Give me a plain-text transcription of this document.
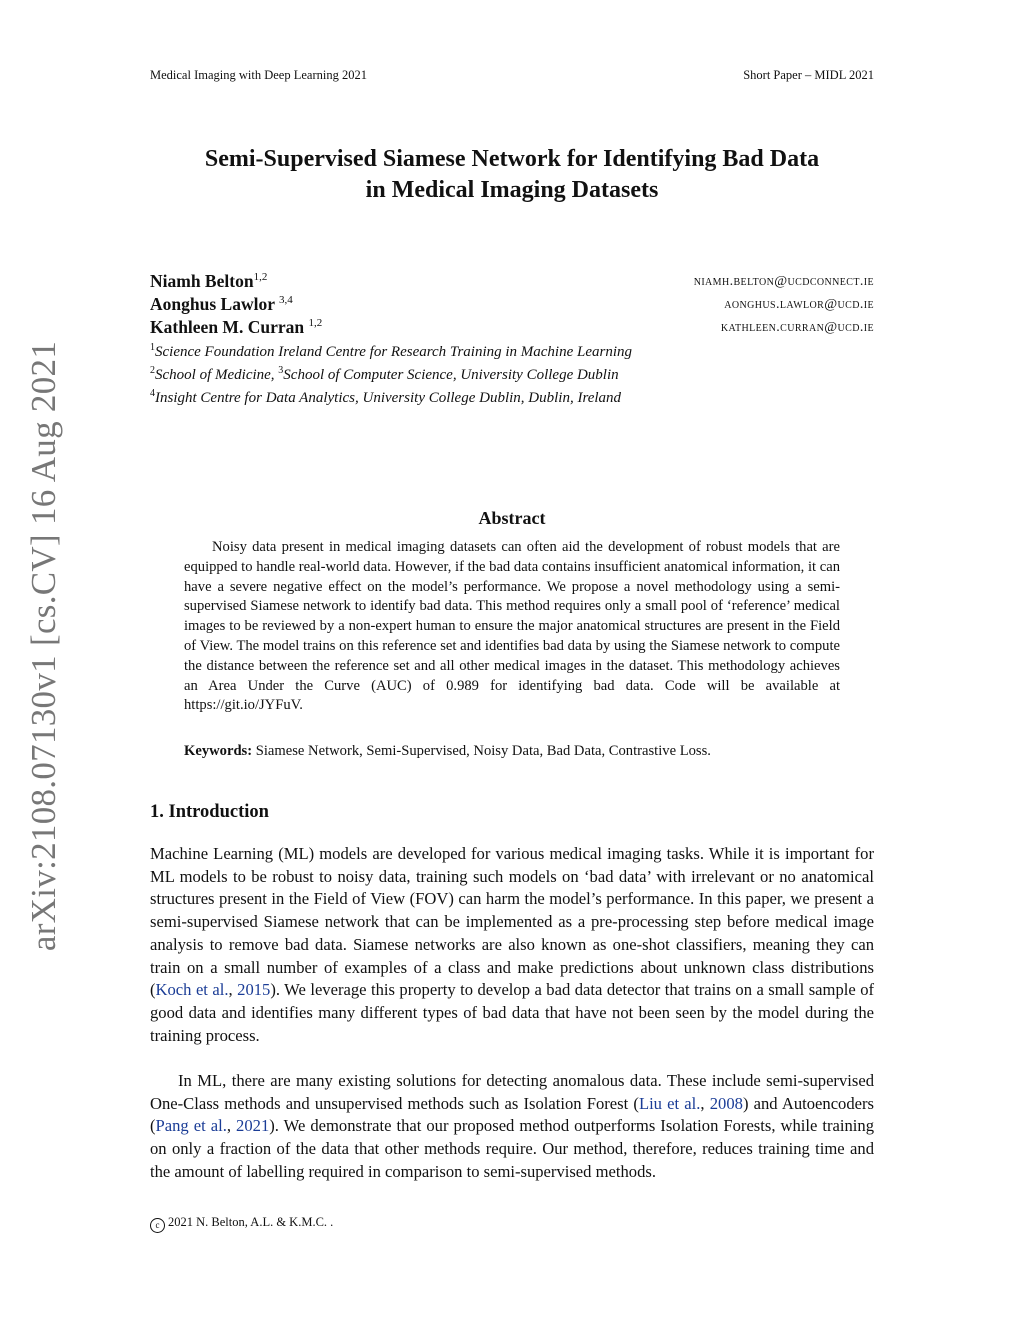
Medical Imaging with Deep Learning 2021	Short Paper – MIDL 2021
arXiv:2108.07130v1 [cs.CV] 16 Aug 2021
Semi-Supervised Siamese Network for Identifying Bad Data
in Medical Imaging Datasets
Niamh Belton$^{1,2}$	niamh.belton@ucdconnect.ie
Aonghus Lawlor $^{3,4}$	aonghus.lawlor@ucd.ie
Kathleen M. Curran $^{1,2}$	kathleen.curran@ucd.ie
$^1$Science Foundation Ireland Centre for Research Training in Machine Learning
$^2$School of Medicine, $^3$School of Computer Science, University College Dublin
$^4$Insight Centre for Data Analytics, University College Dublin, Dublin, Ireland
Abstract

Noisy data present in medical imaging datasets can often aid the development of robust models that are equipped to handle real-world data. However, if the bad data contains insufficient anatomical information, it can have a severe negative effect on the model’s performance. We propose a novel methodology using a semi-supervised Siamese network to identify bad data. This method requires only a small pool of ‘reference’ medical images to be reviewed by a non-expert human to ensure the major anatomical structures are present in the Field of View. The model trains on this reference set and identifies bad data by using the Siamese network to compute the distance between the reference set and all other medical images in the dataset. This methodology achieves an Area Under the Curve (AUC) of 0.989 for identifying bad data. Code will be available at https://git.io/JYFuV.

Keywords: Siamese Network, Semi-Supervised, Noisy Data, Bad Data, Contrastive Loss.
1. Introduction

Machine Learning (ML) models are developed for various medical imaging tasks. While it is important for ML models to be robust to noisy data, training such models on ‘bad data’ with irrelevant or no anatomical structures present in the Field of View (FOV) can harm the model’s performance. In this paper, we present a semi-supervised Siamese network that can be implemented as a pre-processing step before medical image analysis to remove bad data. Siamese networks are also known as one-shot classifiers, meaning they can train on a small number of examples of a class and make predictions about unknown class distributions (Koch et al., 2015). We leverage this property to develop a bad data detector that trains on a small sample of good data and identifies many different types of bad data that have not been seen by the model during the training process.

In ML, there are many existing solutions for detecting anomalous data. These include semi-supervised One-Class methods and unsupervised methods such as Isolation Forest (Liu et al., 2008) and Autoencoders (Pang et al., 2021). We demonstrate that our proposed method outperforms Isolation Forests, while training on only a fraction of the data that other methods require. Our method, therefore, reduces training time and the amount of labelling required in comparison to semi-supervised methods.

c 2021 N. Belton, A.L. & K.M.C. .
